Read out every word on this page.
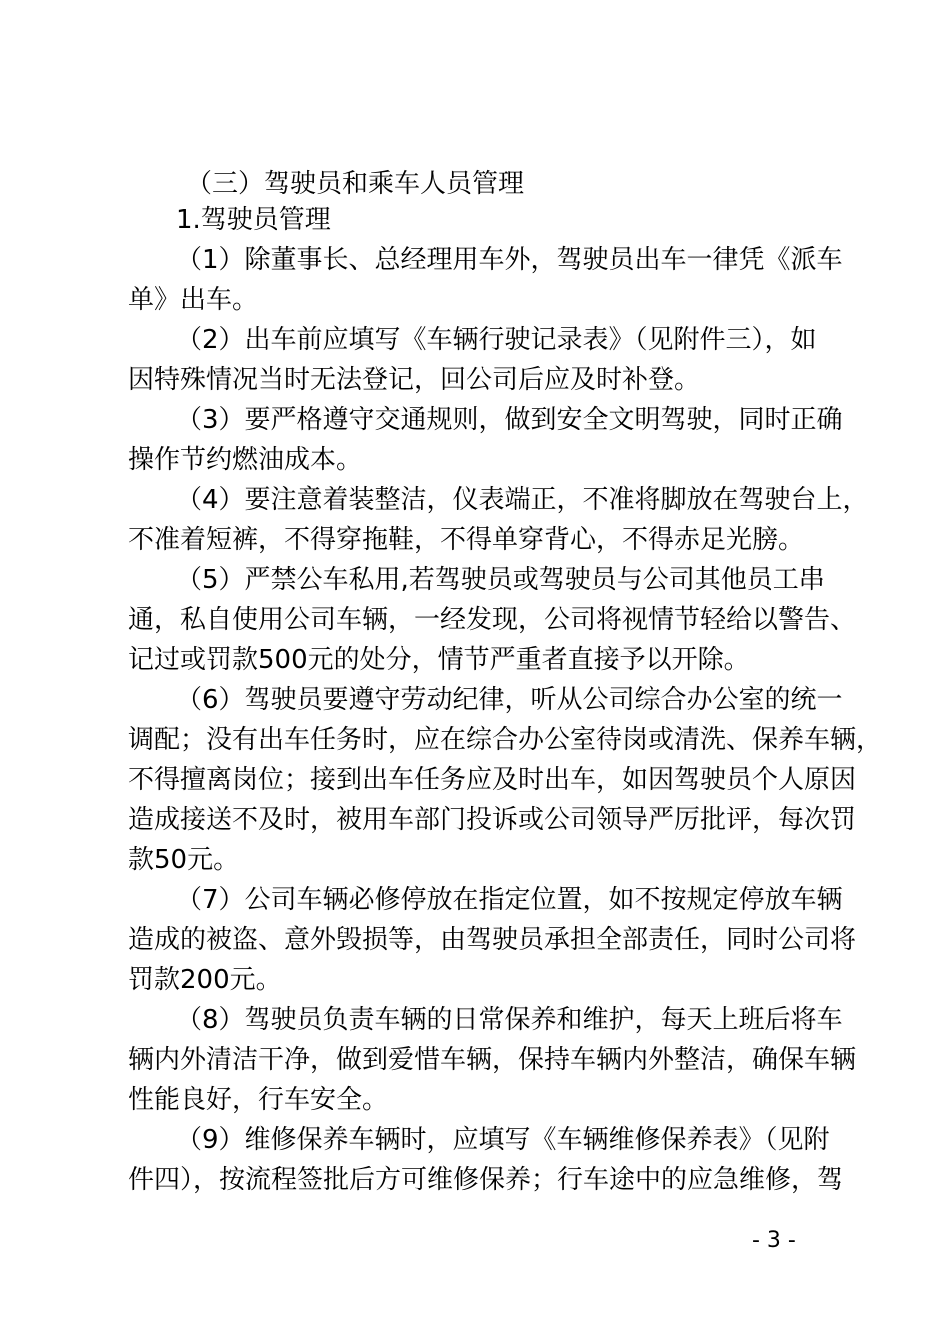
（三）驾驶员和乘车人员管理
1.驾驶员管理
（1）除董事长、总经理用车外，驾驶员出车一律凭《派车
单》出车。
（2）出车前应填写《车辆行驶记录表》（见附件三），如
因特殊情况当时无法登记，回公司后应及时补登。
（3）要严格遵守交通规则，做到安全文明驾驶，同时正确
操作节约燃油成本。
（4）要注意着装整洁，仪表端正，不准将脚放在驾驶台上，
不准着短裤，不得穿拖鞋，不得单穿背心，不得赤足光膀。
（5）严禁公车私用,若驾驶员或驾驶员与公司其他员工串
通，私自使用公司车辆，一经发现，公司将视情节轻给以警告、
记过或罚款500元的处分，情节严重者直接予以开除。
（6）驾驶员要遵守劳动纪律，听从公司综合办公室的统一
调配；没有出车任务时，应在综合办公室待岗或清洗、保养车辆，
不得擅离岗位；接到出车任务应及时出车，如因驾驶员个人原因
造成接送不及时，被用车部门投诉或公司领导严厉批评，每次罚
款50元。
（7）公司车辆必修停放在指定位置，如不按规定停放车辆
造成的被盗、意外毁损等，由驾驶员承担全部责任，同时公司将
罚款200元。
（8）驾驶员负责车辆的日常保养和维护，每天上班后将车
辆内外清洁干净，做到爱惜车辆，保持车辆内外整洁，确保车辆
性能良好，行车安全。
（9）维修保养车辆时，应填写《车辆维修保养表》（见附
件四），按流程签批后方可维修保养；行车途中的应急维修，驾
- 3 -
